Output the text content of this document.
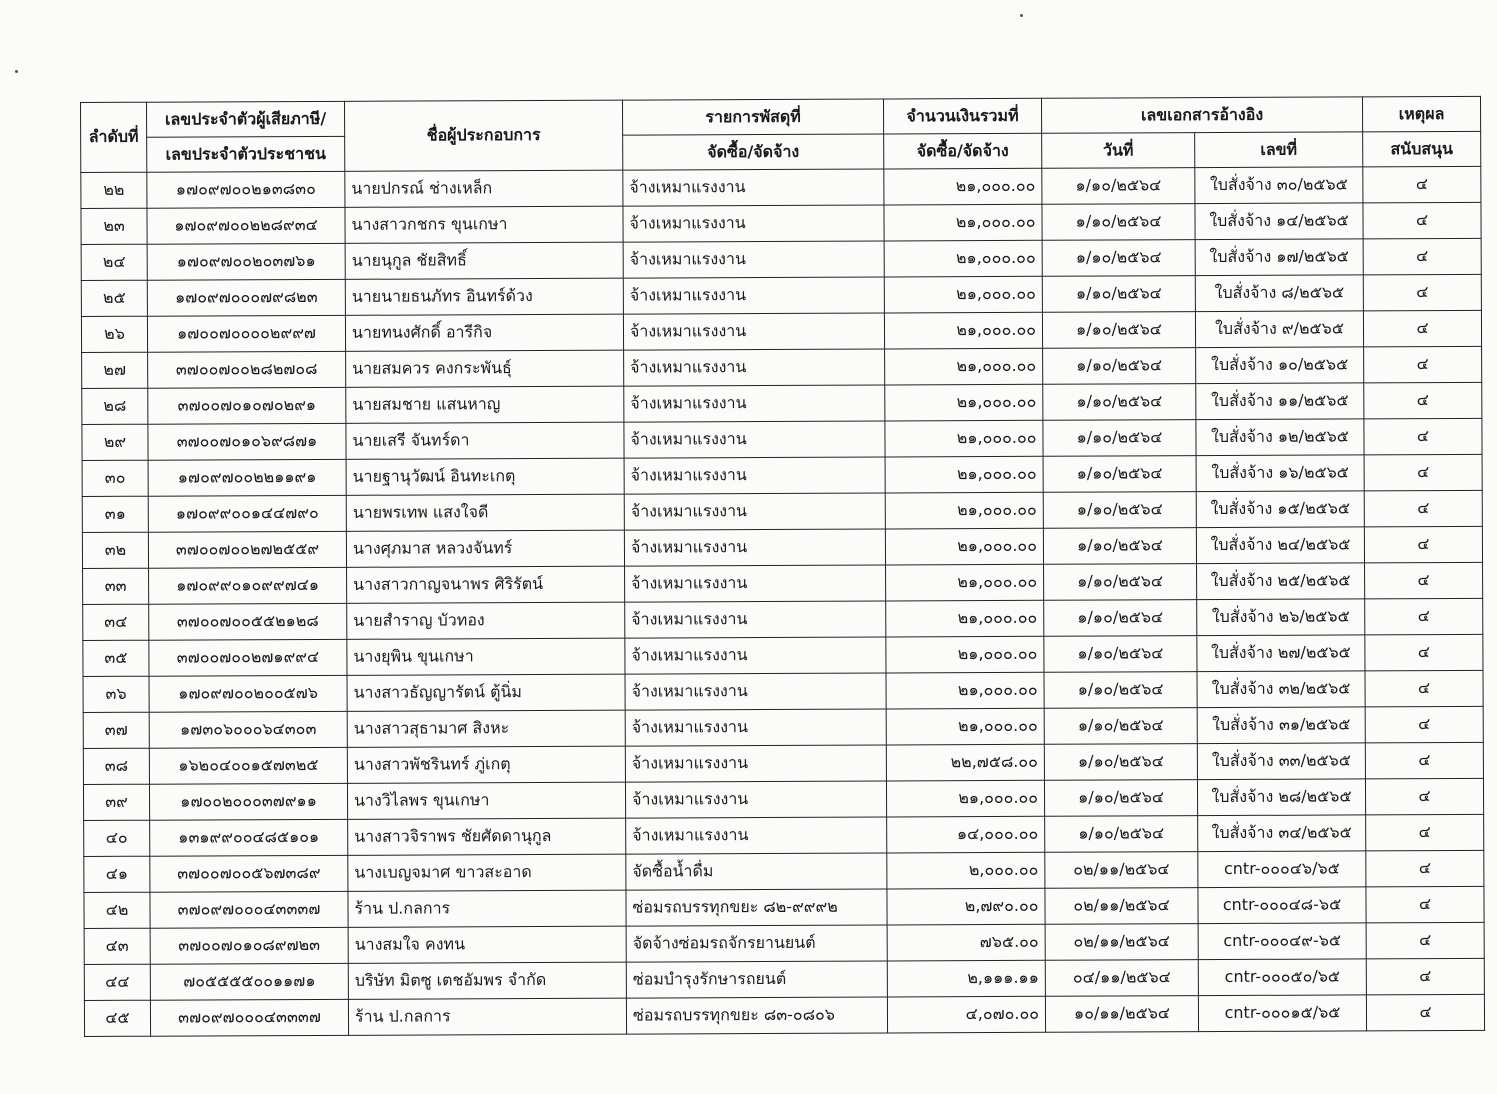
ลำดับที่	เลขประจำตัวผู้เสียภาษี/	ชื่อผู้ประกอบการ	รายการพัสดุที่	จำนวนเงินรวมที่	เลขเอกสารอ้างอิง		เหตุผล
	เลขประจำตัวประชาชน		จัดซื้อ/จัดจ้าง	จัดซื้อ/จัดจ้าง	วันที่	เลขที่	สนับสนุน
๒๒	๑๗๐๙๗๐๐๒๑๓๘๓๐	นายปกรณ์ ช่างเหล็ก	จ้างเหมาแรงงาน	๒๑,๐๐๐.๐๐	๑/๑๐/๒๕๖๔	ใบสั่งจ้าง ๓๐/๒๕๖๕	๔
๒๓	๑๗๐๙๗๐๐๒๒๘๙๓๔	นางสาวกชกร ขุนเกษา	จ้างเหมาแรงงาน	๒๑,๐๐๐.๐๐	๑/๑๐/๒๕๖๔	ใบสั่งจ้าง ๑๔/๒๕๖๕	๔
๒๔	๑๗๐๙๗๐๐๒๐๓๗๖๑	นายนุกูล ชัยสิทธิ์	จ้างเหมาแรงงาน	๒๑,๐๐๐.๐๐	๑/๑๐/๒๕๖๔	ใบสั่งจ้าง ๑๗/๒๕๖๕	๔
๒๕	๑๗๐๙๗๐๐๐๗๙๘๒๓	นายนายธนภัทร อินทร์ด้วง	จ้างเหมาแรงงาน	๒๑,๐๐๐.๐๐	๑/๑๐/๒๕๖๔	ใบสั่งจ้าง ๘/๒๕๖๕	๔
๒๖	๑๗๐๐๗๐๐๐๐๒๙๙๗	นายทนงศักดิ์ อารีกิจ	จ้างเหมาแรงงาน	๒๑,๐๐๐.๐๐	๑/๑๐/๒๕๖๔	ใบสั่งจ้าง ๙/๒๕๖๕	๔
๒๗	๓๗๐๐๗๐๐๒๘๒๗๐๘	นายสมควร คงกระพันธุ์	จ้างเหมาแรงงาน	๒๑,๐๐๐.๐๐	๑/๑๐/๒๕๖๔	ใบสั่งจ้าง ๑๐/๒๕๖๕	๔
๒๘	๓๗๐๐๗๐๑๐๗๐๒๙๑	นายสมชาย แสนหาญ	จ้างเหมาแรงงาน	๒๑,๐๐๐.๐๐	๑/๑๐/๒๕๖๔	ใบสั่งจ้าง ๑๑/๒๕๖๕	๔
๒๙	๓๗๐๐๗๐๑๐๖๙๘๗๑	นายเสรี จันทร์ดา	จ้างเหมาแรงงาน	๒๑,๐๐๐.๐๐	๑/๑๐/๒๕๖๔	ใบสั่งจ้าง ๑๒/๒๕๖๕	๔
๓๐	๑๗๐๙๗๐๐๒๒๑๑๙๑	นายฐานุวัฒน์ อินทะเกตุ	จ้างเหมาแรงงาน	๒๑,๐๐๐.๐๐	๑/๑๐/๒๕๖๔	ใบสั่งจ้าง ๑๖/๒๕๖๕	๔
๓๑	๑๗๐๙๙๐๐๑๔๔๗๙๐	นายพรเทพ แสงใจดี	จ้างเหมาแรงงาน	๒๑,๐๐๐.๐๐	๑/๑๐/๒๕๖๔	ใบสั่งจ้าง ๑๕/๒๕๖๕	๔
๓๒	๓๗๐๐๗๐๐๒๗๒๕๕๙	นางศุภมาส หลวงจันทร์	จ้างเหมาแรงงาน	๒๑,๐๐๐.๐๐	๑/๑๐/๒๕๖๔	ใบสั่งจ้าง ๒๔/๒๕๖๕	๔
๓๓	๑๗๐๙๙๐๑๐๙๙๗๔๑	นางสาวกาญจนาพร ศิริรัตน์	จ้างเหมาแรงงาน	๒๑,๐๐๐.๐๐	๑/๑๐/๒๕๖๔	ใบสั่งจ้าง ๒๕/๒๕๖๕	๔
๓๔	๓๗๐๐๗๐๐๕๕๒๑๒๘	นายสำราญ บัวทอง	จ้างเหมาแรงงาน	๒๑,๐๐๐.๐๐	๑/๑๐/๒๕๖๔	ใบสั่งจ้าง ๒๖/๒๕๖๕	๔
๓๕	๓๗๐๐๗๐๐๒๗๑๙๙๔	นางยุพิน ขุนเกษา	จ้างเหมาแรงงาน	๒๑,๐๐๐.๐๐	๑/๑๐/๒๕๖๔	ใบสั่งจ้าง ๒๗/๒๕๖๕	๔
๓๖	๑๗๐๙๗๐๐๒๐๐๕๗๖	นางสาวธัญญารัตน์ ตู้นิ่ม	จ้างเหมาแรงงาน	๒๑,๐๐๐.๐๐	๑/๑๐/๒๕๖๔	ใบสั่งจ้าง ๓๒/๒๕๖๕	๔
๓๗	๑๗๓๐๖๐๐๐๖๔๓๐๓	นางสาวสุธามาศ สิงหะ	จ้างเหมาแรงงาน	๒๑,๐๐๐.๐๐	๑/๑๐/๒๕๖๔	ใบสั่งจ้าง ๓๑/๒๕๖๕	๔
๓๘	๑๖๒๐๔๐๐๑๕๗๓๒๕	นางสาวพัชรินทร์ ภู่เกตุ	จ้างเหมาแรงงาน	๒๒,๗๕๘.๐๐	๑/๑๐/๒๕๖๔	ใบสั่งจ้าง ๓๓/๒๕๖๕	๔
๓๙	๑๗๐๐๒๐๐๐๓๗๙๑๑	นางวิไลพร ขุนเกษา	จ้างเหมาแรงงาน	๒๑,๐๐๐.๐๐	๑/๑๐/๒๕๖๔	ใบสั่งจ้าง ๒๘/๒๕๖๕	๔
๔๐	๑๓๑๙๙๐๐๔๘๕๑๐๑	นางสาวจิราพร ชัยศัดดานุกูล	จ้างเหมาแรงงาน	๑๔,๐๐๐.๐๐	๑/๑๐/๒๕๖๔	ใบสั่งจ้าง ๓๔/๒๕๖๕	๔
๔๑	๓๗๐๐๗๐๐๕๖๗๓๘๙	นางเบญจมาศ ขาวสะอาด	จัดซื้อน้ำดื่ม	๒,๐๐๐.๐๐	๐๒/๑๑/๒๕๖๔	cntr-๐๐๐๔๖/๖๕	๔
๔๒	๓๗๐๙๗๐๐๐๔๓๓๓๗	ร้าน ป.กลการ	ซ่อมรถบรรทุกขยะ ๘๒-๙๙๙๒	๒,๗๙๐.๐๐	๐๒/๑๑/๒๕๖๔	cntr-๐๐๐๔๘-๖๕	๔
๔๓	๓๗๐๐๗๐๑๐๘๙๗๒๓	นางสมใจ คงทน	จัดจ้างซ่อมรถจักรยานยนต์	๗๖๕.๐๐	๐๒/๑๑/๒๕๖๔	cntr-๐๐๐๔๙-๖๕	๔
๔๔	๗๐๕๕๕๕๐๐๑๑๗๑	บริษัท มิตซู เตชอัมพร จำกัด	ซ่อมบำรุงรักษารถยนต์	๒,๑๑๑.๑๑	๐๔/๑๑/๒๕๖๔	cntr-๐๐๐๕๐/๖๕	๔
๔๕	๓๗๐๙๗๐๐๐๔๓๓๓๗	ร้าน ป.กลการ	ซ่อมรถบรรทุกขยะ ๘๓-๐๘๐๖	๔,๐๗๐.๐๐	๑๐/๑๑/๒๕๖๔	cntr-๐๐๐๑๕/๖๕	๔
